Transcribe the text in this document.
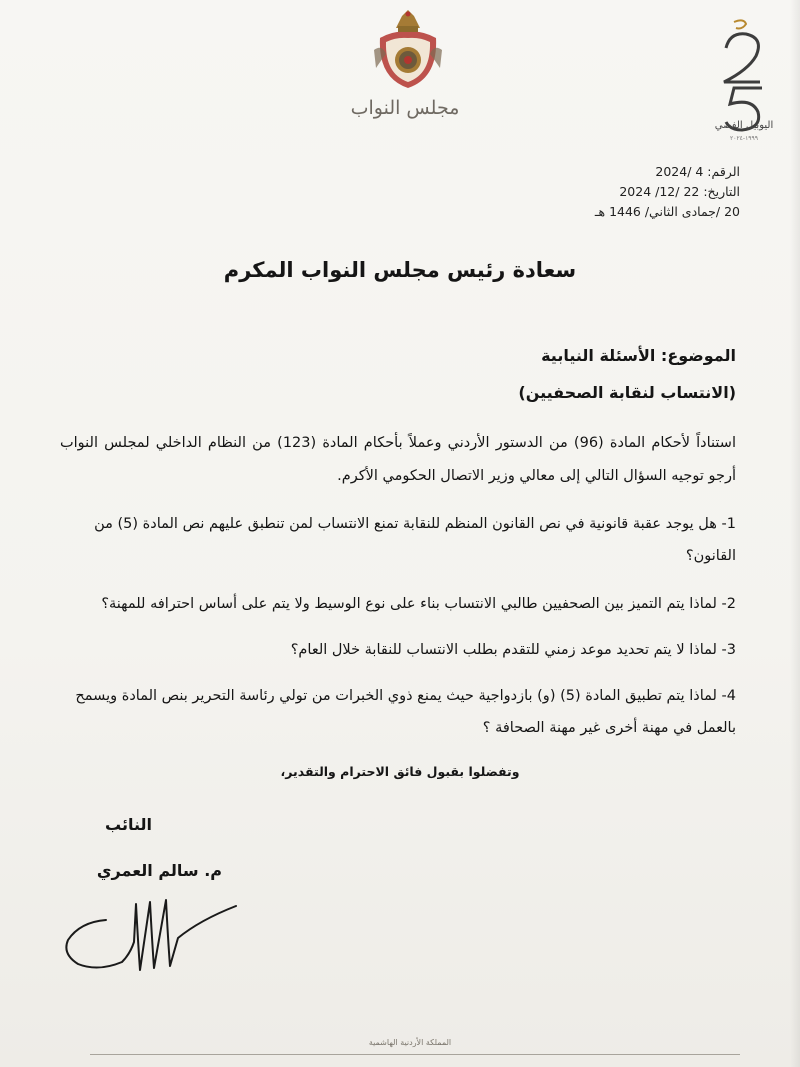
مجلس النواب
اليوبيل الفضي
١٩٩٩-٢٠٢٤
الرقم: 4 /2024
التاريخ: 22 /12/ 2024
20 /جمادى الثاني/ 1446 هـ
سعادة رئيس مجلس النواب المكرم
الموضوع: الأسئلة النيابية
(الانتساب لنقابة الصحفيين)
استناداً لأحكام المادة (96) من الدستور الأردني وعملاً بأحكام المادة (123) من النظام الداخلي لمجلس النواب أرجو توجيه السؤال التالي إلى معالي وزير الاتصال الحكومي الأكرم.
1- هل يوجد عقبة قانونية في نص القانون المنظم للنقابة تمنع الانتساب لمن تنطبق عليهم نص المادة (5) من القانون؟
2- لماذا يتم التميز بين الصحفيين طالبي الانتساب بناء على نوع الوسيط ولا يتم على أساس احترافه للمهنة؟
3- لماذا لا يتم تحديد موعد زمني للتقدم بطلب الانتساب للنقابة خلال العام؟
4- لماذا يتم تطبيق المادة (5) (و) بازدواجية حيث يمنع ذوي الخبرات من تولي رئاسة التحرير بنص المادة ويسمح بالعمل في مهنة أخرى غير مهنة الصحافة ؟
وتفضلوا بقبول فائق الاحترام والتقدير،
النائب
م. سالم العمري
المملكة الأردنية الهاشمية
